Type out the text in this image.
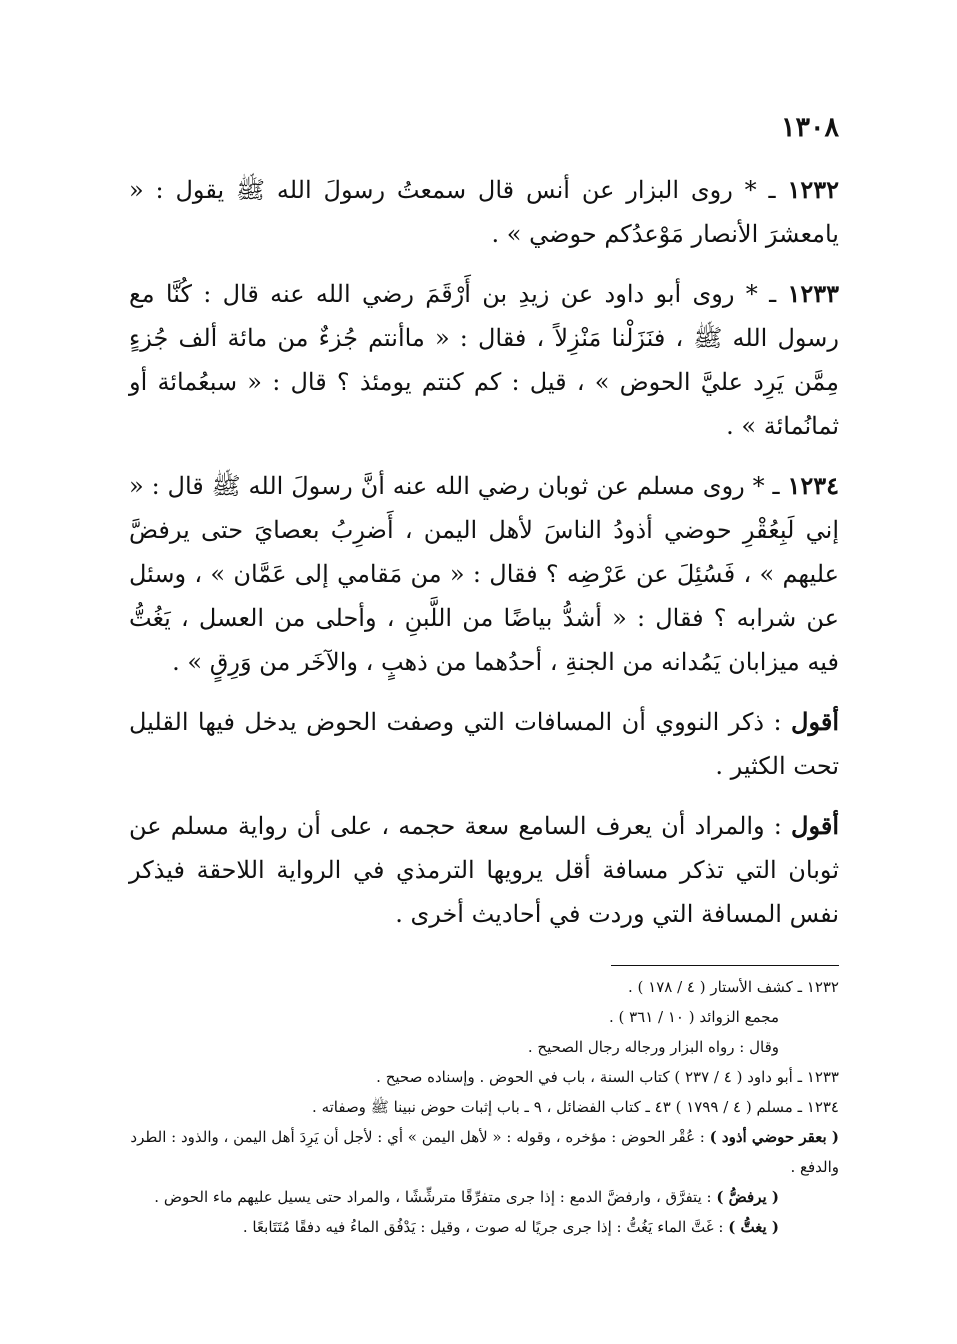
١٣٠٨

١٢٣٢ ـ * روى البزار عن أنس قال سمعتُ رسولَ الله ﷺ يقول : « يامعشرَ الأنصار مَوْعدُكم حوضي » .

١٢٣٣ ـ * روى أبو داود عن زيدِ بن أَرْقَمَ رضي الله عنه قال : كُنَّا مع رسول الله ﷺ ، فنَزَلْنا مَنْزِلاً ، فقال : « ماأنتم جُزءٌ من مائة ألف جُزءٍ مِمَّن يَرِد عليَّ الحوض » ، قيل : كم كنتم يومئذ ؟ قال : « سبعُمائة أو ثمانُمائة » .

١٢٣٤ ـ * روى مسلم عن ثوبان رضي الله عنه أنَّ رسولَ الله ﷺ قال : « إني لَبِعُقْرِ حوضي أذودُ الناسَ لأهل اليمن ، أَضرِبُ بعصايَ حتى يرفضَّ عليهم » ، فَسُئِلَ عن عَرْضِه ؟ فقال : « من مَقامي إلى عَمَّان » ، وسئل عن شرابه ؟ فقال : « أشدُّ بياضًا من اللَّبنِ ، وأحلى من العسل ، يَغُتُّ فيه ميزابان يَمُدانه من الجنةِ ، أحدُهما من ذهبٍ ، والآخَر من وَرِقٍ » .

أقول : ذكر النووي أن المسافات التي وصفت الحوض يدخل فيها القليل تحت الكثير .

أقول : والمراد أن يعرف السامع سعة حجمه ، على أن رواية مسلم عن ثوبان التي تذكر مسافة أقل يرويها الترمذي في الرواية اللاحقة فيذكر نفس المسافة التي وردت في أحاديث أخرى .

١٢٣٢ ـ كشف الأستار ( ٤ / ١٧٨ ) .

مجمع الزوائد ( ١٠ / ٣٦١ ) .

وقال : رواه البزار ورجاله رجال الصحيح .

١٢٣٣ ـ أبو داود ( ٤ / ٢٣٧ ) كتاب السنة ، باب في الحوض . وإسناده صحيح .

١٢٣٤ ـ مسلم ( ٤ / ١٧٩٩ ) ٤٣ ـ كتاب الفضائل ، ٩ ـ باب إثبات حوض نبينا ﷺ وصفاته .

( بعقر حوضي أذود ) : عُقْر الحوض : مؤخره ، وقوله : « لأهل اليمن » أي : لأجل أن يَرِدَ أهل اليمن ، والذود : الطرد والدفع .

( يرفضُّ ) : يتفرَّق ، وارفضَّ الدمع : إذا جرى متفرِّقًا مترشِّشًا ، والمراد حتى يسيل عليهم ماء الحوض .

( يغتُّ ) : غَتَّ الماء يَغُتُّ : إذا جرى جريًا له صوت ، وقيل : يَدْفُق الماءُ فيه دفقًا مُتَتَابعًا .
